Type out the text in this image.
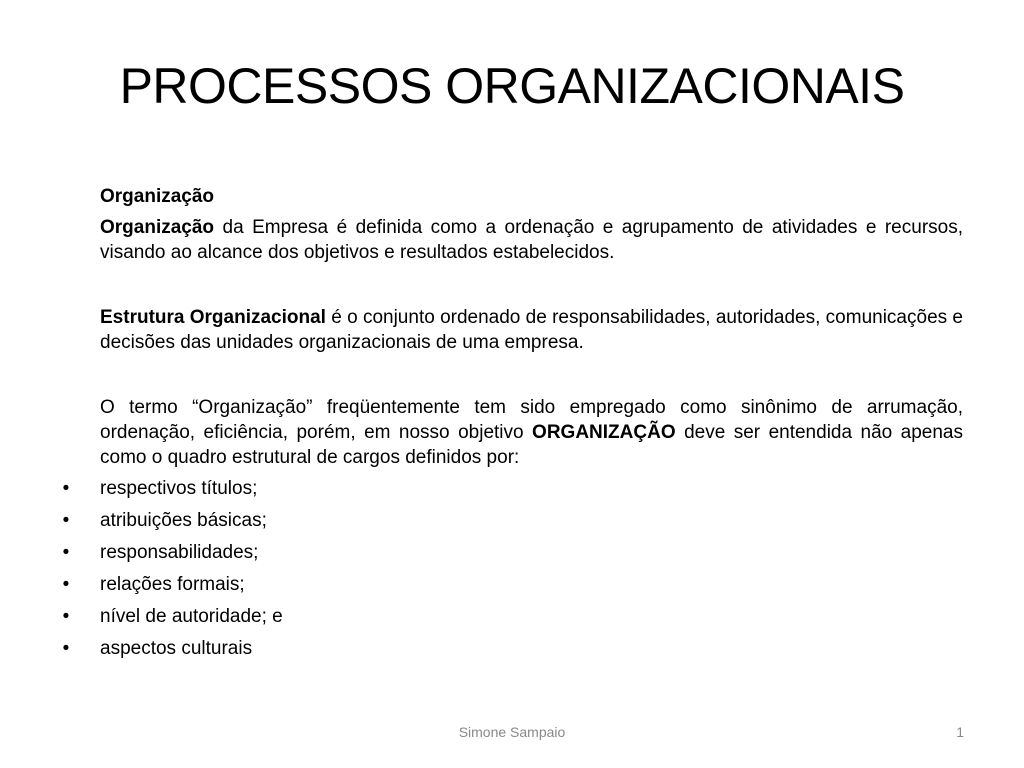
PROCESSOS ORGANIZACIONAIS

Organização

Organização da Empresa é definida como a ordenação e agrupamento de atividades e recursos, visando ao alcance dos objetivos e resultados estabelecidos.

Estrutura Organizacional é o conjunto ordenado de responsabilidades, autoridades, comunicações e decisões das unidades organizacionais de uma empresa.

O termo “Organização” freqüentemente tem sido empregado como sinônimo de arrumação, ordenação, eficiência, porém, em nosso objetivo ORGANIZAÇÃO deve ser entendida não apenas como o quadro estrutural de cargos definidos por:

• respectivos títulos;
• atribuições básicas;
• responsabilidades;
• relações formais;
• nível de autoridade; e
• aspectos culturais
Simone Sampaio	1
